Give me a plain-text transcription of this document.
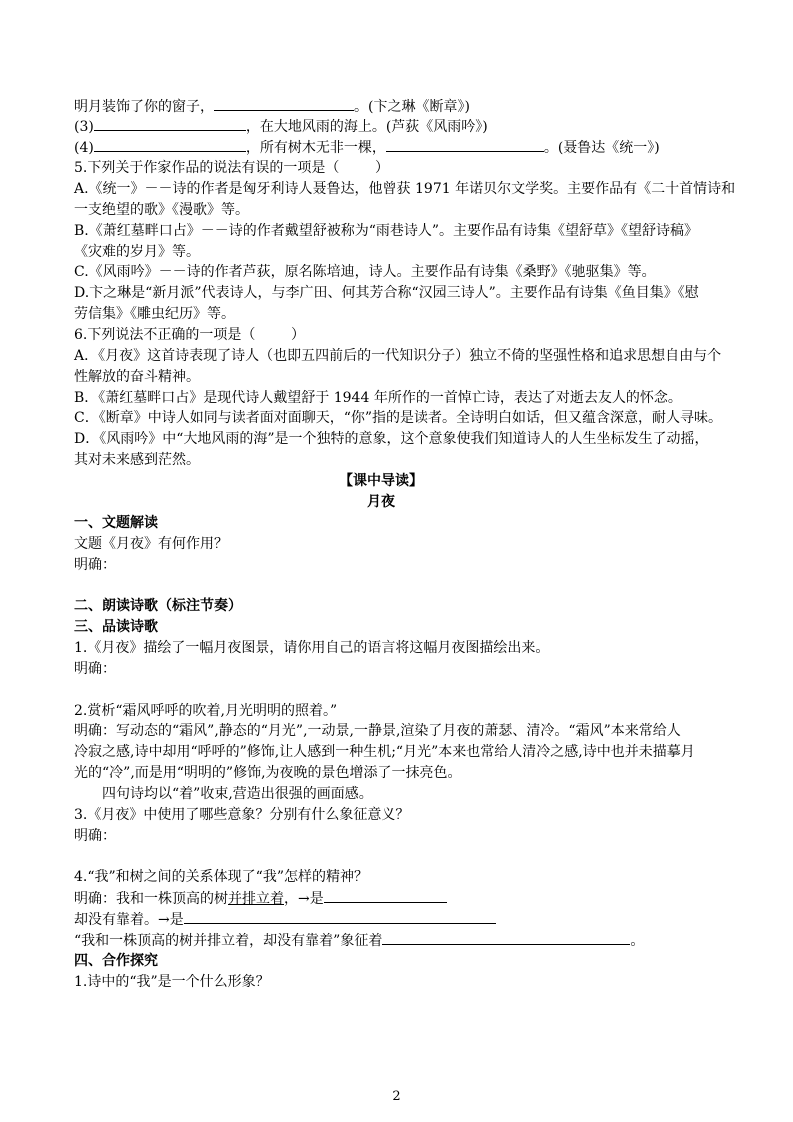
明月装饰了你的窗子，	。(卞之琳《断章》)
(3)	，在大地风雨的海上。(芦荻《风雨吟》)
(4)	，所有树木无非一棵，	。(聂鲁达《统一》)
5.下列关于作家作品的说法有误的一项是（        ）
A.《统一》－－诗的作者是匈牙利诗人聂鲁达，他曾获 1971 年诺贝尔文学奖。主要作品有《二十首情诗和
一支绝望的歌》《漫歌》等。
B.《萧红墓畔口占》－－诗的作者戴望舒被称为“雨巷诗人”。主要作品有诗集《望舒草》《望舒诗稿》
《灾难的岁月》等。
C.《风雨吟》－－诗的作者芦荻，原名陈培迪，诗人。主要作品有诗集《桑野》《驰驱集》等。
D.卞之琳是“新月派”代表诗人，与李广田、何其芳合称“汉园三诗人”。主要作品有诗集《鱼目集》《慰
劳信集》《雕虫纪历》等。
6.下列说法不正确的一项是（        ）
A．《月夜》这首诗表现了诗人（也即五四前后的一代知识分子）独立不倚的坚强性格和追求思想自由与个
性解放的奋斗精神。
B．《萧红墓畔口占》是现代诗人戴望舒于 1944 年所作的一首悼亡诗，表达了对逝去友人的怀念。
C．《断章》中诗人如同与读者面对面聊天，“你”指的是读者。全诗明白如话，但又蕴含深意，耐人寻味。
D．《风雨吟》中“大地风雨的海”是一个独特的意象，这个意象使我们知道诗人的人生坐标发生了动摇，
其对未来感到茫然。
【课中导读】
月夜
一、文题解读
文题《月夜》有何作用？
明确：
二、朗读诗歌（标注节奏）
三、品读诗歌
1.《月夜》描绘了一幅月夜图景，请你用自己的语言将这幅月夜图描绘出来。
明确：
2.赏析“霜风呼呼的吹着,月光明明的照着。”
明确：写动态的“霜风”,静态的“月光”,一动景,一静景,渲染了月夜的萧瑟、清冷。“霜风”本来常给人
冷寂之感,诗中却用“呼呼的”修饰,让人感到一种生机;“月光”本来也常给人清冷之感,诗中也并未描摹月
光的“冷”,而是用“明明的”修饰,为夜晚的景色增添了一抹亮色。
四句诗均以“着”收束,营造出很强的画面感。
3.《月夜》中使用了哪些意象？分别有什么象征意义？
明确：
4.“我”和树之间的关系体现了“我”怎样的精神？
明确：我和一株顶高的树并排立着，→是
却没有靠着。→是
“我和一株顶高的树并排立着，却没有靠着”象征着	。
四、合作探究
1.诗中的“我”是一个什么形象？
2
